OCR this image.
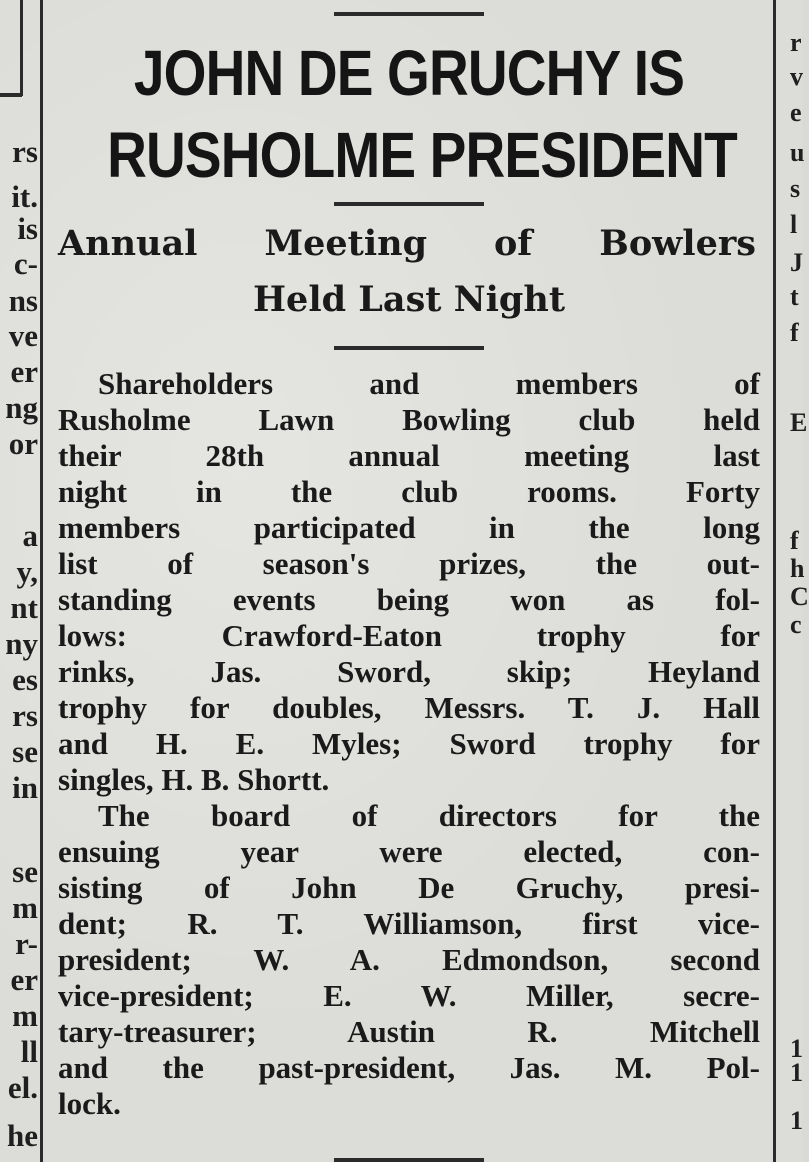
rs
it.
is
c-
ns
ve
er
ng
or
a
y,
nt
ny
es
rs
se
in
se
m
r-
er
m
ll
el.
he
r
v
e
u
s
l
J
t
f
E
f
h
C
c
1
1
1
JOHN DE GRUCHY IS
RUSHOLME PRESIDENT
Annual Meeting of Bowlers
Held Last Night
Shareholders and members of
Rusholme Lawn Bowling club held
their 28th annual meeting last
night in the club rooms. Forty
members participated in the long
list of season's prizes, the out-
standing events being won as fol-
lows: Crawford-Eaton trophy for
rinks, Jas. Sword, skip; Heyland
trophy for doubles, Messrs. T. J. Hall
and H. E. Myles; Sword trophy for
singles, H. B. Shortt.
The board of directors for the
ensuing year were elected, con-
sisting of John De Gruchy, presi-
dent; R. T. Williamson, first vice-
president; W. A. Edmondson, second
vice-president; E. W. Miller, secre-
tary-treasurer; Austin R. Mitchell
and the past-president, Jas. M. Pol-
lock.
